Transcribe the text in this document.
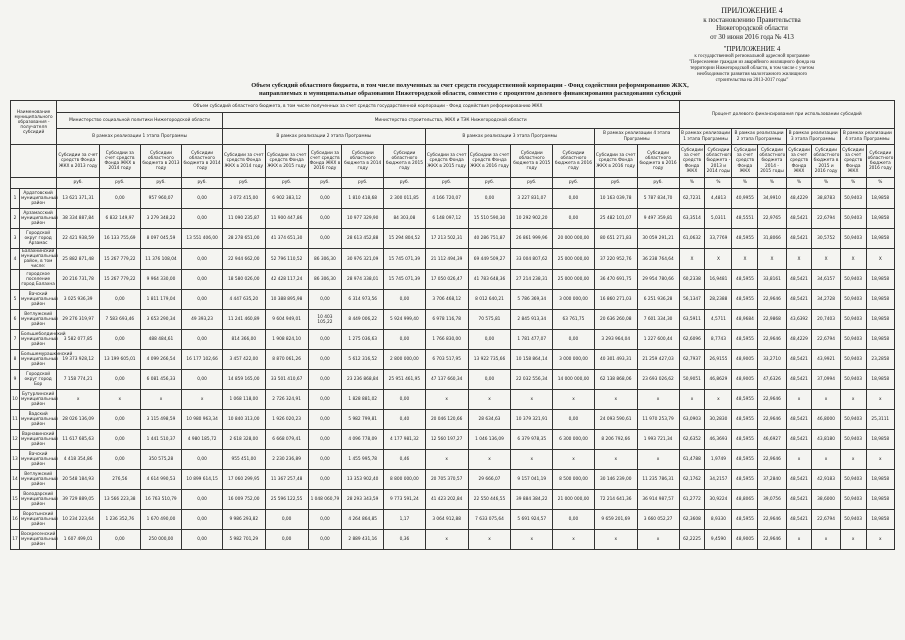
ПРИЛОЖЕНИЕ 4
к постановлению Правительства
Нижегородской области
от 30 июня 2016 года № 413
"ПРИЛОЖЕНИЕ 4
к государственной региональной адресной программе
"Переселение граждан из аварийного жилищного фонда на
территории Нижегородской области, в том числе с учетом
необходимости развития малоэтажного жилищного
строительства на 2013-2017 годы"
Объем субсидий областного бюджета, в том числе полученных за счет средств государственной корпорации - Фонд содействия реформированию ЖКХ,
направляемых в муниципальные образования Нижегородской области, совместно с процентом долевого финансирования расходования субсидий
Наименование муниципального образования - получателя субсидий		Объем субсидий областного бюджета, в том числе полученных за счет средств государственной корпорации - Фонд содействия реформированию ЖКХ															Процент долевого финансирования при использовании субсидий							
		Министерство социальной политики Нижегородской области				Министерство строительства, ЖКХ и ТЭК Нижегородской области																		
		В рамках реализации 1 этапа Программы				В рамках реализации 2 этапа Программы					В рамках реализации 3 этапа Программы				В рамках реализации 4 этапа Программы		В рамках реализации 1 этапа Программы		В рамках реализации 2 этапа Программы		В рамках реализации 3 этапа Программы		В рамках реализации 4 этапа Программы	
		Субсидии за счет средств Фонда ЖКХ в 2013 году	Субсидии за счет средств Фонда ЖКХ в 2014 году	Субсидии областного бюджета в 2013 году	Субсидии областного бюджета в 2014 году	Субсидии за счет средств Фонда ЖКХ в 2014 году	Субсидии за счет средств Фонда ЖКХ в 2015 году	Субсидии за счет средств Фонда ЖКХ в 2016 году	Субсидии областного бюджета в 2014 году	Субсидии областного бюджета в 2015 году	Субсидии за счет средств Фонда ЖКХ в 2015 году	Субсидии за счет средств Фонда ЖКХ в 2016 году	Субсидии областного бюджета в 2015 году	Субсидии областного бюджета в 2016 году	Субсидии за счет средств Фонда ЖКХ в 2016 году	Субсидии областного бюджета в 2016 году	Субсидии за счет средств Фонда ЖКХ	Субсидии областного бюджета - 2013 и 2014 годы	Субсидии за счет средств Фонда ЖКХ	Субсидии областного бюджета 2014 - 2015 годы	Субсидии за счет средств Фонда ЖКХ	Субсидии областного бюджета в 2015 и 2016 году	Субсидии за счет средств Фонда ЖКХ	Субсидии областного бюджета 2016 году
		руб.	руб.	руб.	руб.	руб.	руб.	руб.	руб.	руб.	руб.	руб.	руб.	руб.	руб.	руб.	%	%	%	%	%	%	%	%
1	Ардатовский муниципальный район	13 621 371,31	0,00	957 960,07	0,00	3 072 415,00	6 902 383,12	0,00	1 810 418,68	2 300 011,85	4 166 720,07	0,00	3 227 831,07	0,00	10 163 039,78	5 787 834,70	62,7231	4,4813	40,9955	34,9910	48,4229	38,8783	50,9403	18,9858
2	Арзамасский муниципальный район	38 334 887,84	6 832 149,97	3 279 348,22	0,00	11 090 235,87	11 900 447,86	0,00	10 977 329,90	84 303,08	6 148 097,12	15 510 590,30	10 292 902,20	0,00	25 482 101,07	9 497 359,81	63,3514	5,0311	48,5551	22,9765	48,5421	22,6794	50,9403	18,9858
3	Городской округ город Арзамас	22 421 938,59	16 133 755,69	8 097 045,59	13 551 406,00	28 278 651,00	41 374 651,30	0,00	28 613 452,88	15 294 804,52	17 213 502,31	40 286 751,87	26 861 999,96	20 000 000,00	80 651 271,83	30 059 291,21	61,0632	33,7769	48,5955	31,8066	48,5421	30,5752	50,9403	18,9858
4	Балахнинский муниципальный район, в том числе:	25 882 871,48	15 267 779,22	11 376 108,04	0,00	22 944 662,00	52 796 110,52	86 306,30	30 976 321,09	15 745 071,39	21 112 494,39	69 449 509,27	33 004 807,62	25 000 000,00	37 220 952,76	36 238 764,64	X	X	X	X	X	X	X	X
	городское поселение город Балахна	20 216 731,78	15 267 779,22	9 964 330,00	0,00	18 580 026,00	42 428 117,24	86 306,30	28 974 338,01	15 745 071,39	17 050 026,47	41 783 648,36	27 214 238,31	25 000 000,00	36 470 691,75	29 954 780,66	60,2338	16,9481	48,5955	33,8161	48,5421	34,6157	50,9403	18,9858
5	Вачский муниципальный район	3 025 936,39	0,00	1 811 179,04	0,00	4 447 635,20	10 388 895,98	0,00	6 314 973,56	0,00	3 706 468,12	8 012 640,21	5 786 369,34	3 000 000,00	16 860 271,03	6 251 936,28	56,1347	28,2388	48,5955	22,9646	48,5421	34,2728	50,9403	18,9858
6	Ветлужский муниципальный район	29 276 319,97	7 583 693,46	3 653 290,34	49 393,23	11 241 460,89	9 604 949,01	10 403 105,22	8 449 006,22	5 924 999,40	6 978 116,78	70 575,81	2 845 913,34	63 761,75	20 636 260,08	7 601 334,30	63,5911	4,5711	48,9684	22,9868	43,6392	20,7403	50,9403	18,9858
7	Большеболдинский муниципальный район	3 582 077,85	0,00	488 484,61	0,00	814 366,00	1 908 824,10	0,00	1 275 036,63	0,00	1 766 830,00	0,00	1 781 477,07	0,00	3 293 964,04	1 227 600,44	62,6096	8,7743	48,5955	22,9646	48,4229	22,6794	50,9403	18,9858
8	Большемурашкинский муниципальный район	19 373 928,12	13 199 605,01	4 099 266,54	16 177 102,66	3 457 422,00	8 870 061,26	0,00	5 612 316,52	2 800 000,00	6 703 517,95	13 922 735,66	10 158 864,14	3 000 000,00	40 301 493,31	21 259 427,03	62,7937	26,9155	48,9005	33,2710	48,5421	43,9921	50,9403	23,2858
9	Городской округ город Бор	7 158 774,21	0,00	6 081 456,33	0,00	14 859 165,00	33 501 410,67	0,00	23 236 868,84	25 951 461,95	47 137 660,34	0,00	22 032 556,34	14 000 000,00	62 138 868,06	23 693 026,62	50,9051	46,8629	48,9005	47,6326	48,5421	37,0994	50,9403	18,9858
10	Бутурлинский муниципальный район	x	x	x	x	1 068 118,00	2 726 324,91	0,00	1 828 881,02	0,00	x	x	x	x	x	x	x	x	48,5955	22,9646	x	x	x	x
11	Вадский муниципальный район	28 026 136,09	0,00	3 115 498,59	10 980 963,34	10 840 313,00	1 926 020,23	0,00	5 982 799,81	0,40	20 046 120,66	28 634,63	10 379 321,91	0,00	24 093 590,61	11 970 253,79	63,0903	30,2830	48,5955	22,9646	48,5421	46,8000	50,9403	25,3111
12	Варнавинский муниципальный район	11 617 685,63	0,00	1 441 510,37	4 980 185,72	2 618 328,00	6 668 079,41	0,00	4 096 778,09	4 177 981,32	12 560 197,27	1 046 136,09	6 379 978,35	6 300 000,00	8 206 792,66	1 993 721,34	62,6352	46,3693	48,5955	46,6927	48,5421	43,8180	50,9403	18,9858
13	Вачский муниципальный район	4 418 354,86	0,00	350 575,28	0,00	955 451,00	2 230 236,89	0,00	1 455 995,78	0,46	x	x	x	x	x	x	61,4788	1,9749	48,5955	22,9646	x	x	x	x
14	Ветлужский муниципальный район	20 548 184,93	276,56	4 614 990,53	10 899 614,15	17 060 299,95	11 367 257,48	0,00	13 353 902,40	8 800 000,00	20 705 370,57	29 666,07	9 157 041,19	8 500 000,00	30 146 239,00	11 235 786,31	62,1762	34,2157	48,5955	37,2840	48,5421	42,9183	50,9403	18,9858
15	Володарский муниципальный район	39 729 889,05	13 566 223,38	16 763 510,79	0,00	16 009 752,00	25 596 122,55	1 048 060,79	28 293 343,59	9 773 591,24	41 423 202,84	22 550 446,55	39 884 384,22	21 000 000,00	72 214 641,36	36 914 987,57	61,2772	30,9224	48,8065	39,0756	48,5421	38,6000	50,9403	18,9858
16	Воротынский муниципальный район	10 234 223,64	1 236 352,76	1 670 490,00	0,00	9 986 293,82	0,00	0,00	4 264 864,85	1,17	3 064 912,88	7 633 075,64	5 691 924,57	0,00	9 659 201,69	3 660 052,27	62,3608	8,9330	48,5955	22,9646	48,5421	22,6794	50,9403	18,9858
17	Воскресенский муниципальный район	1 607 499,01	0,00	250 000,00	0,00	5 982 701,29	0,00	0,00	2 889 431,16	0,36	x	x	x	x	x	x	62,2225	9,4590	48,9005	22,9646	x	x	x	x
